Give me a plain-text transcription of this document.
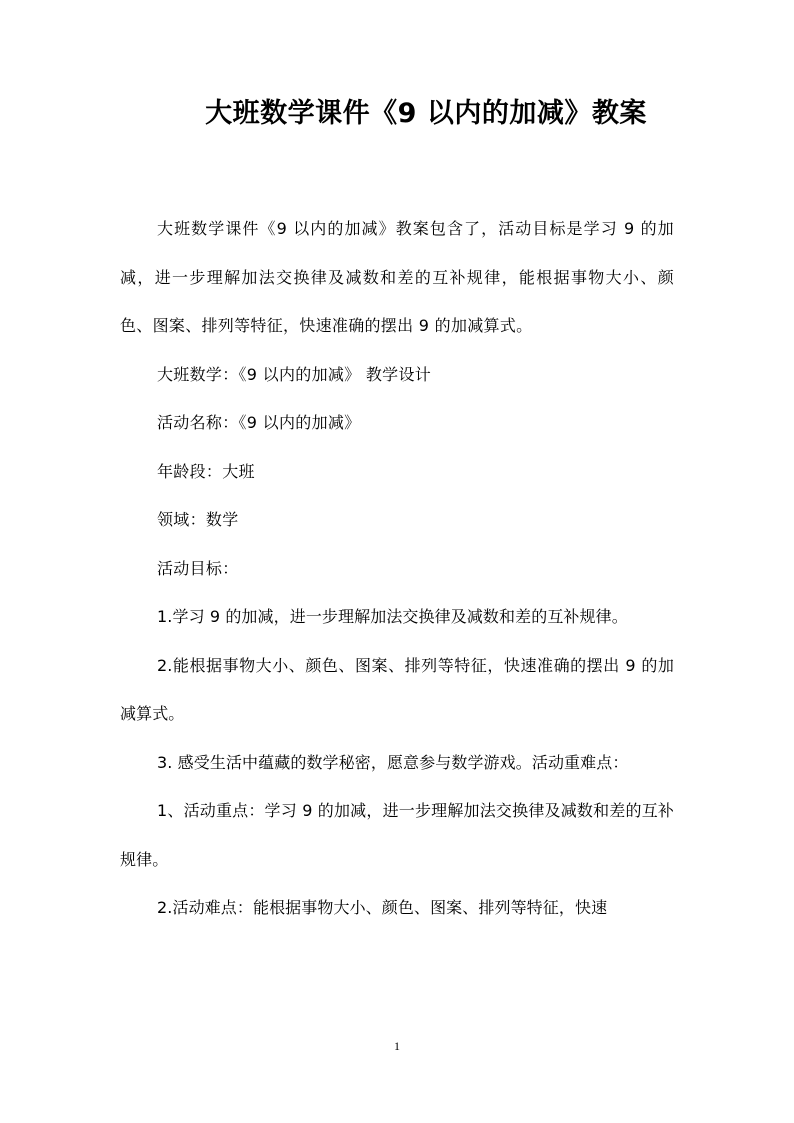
大班数学课件《9 以内的加减》教案

大班数学课件《9 以内的加减》教案包含了，活动目标是学习 9 的加减，进一步理解加法交换律及减数和差的互补规律，能根据事物大小、颜色、图案、排列等特征，快速准确的摆出 9 的加减算式。

大班数学：《9 以内的加减》 教学设计

活动名称：《9 以内的加减》

年龄段：大班

领域：数学

活动目标：

1.学习 9 的加减，进一步理解加法交换律及减数和差的互补规律。

2.能根据事物大小、颜色、图案、排列等特征，快速准确的摆出 9 的加减算式。

3. 感受生活中蕴藏的数学秘密，愿意参与数学游戏。活动重难点：

1、活动重点：学习 9 的加减，进一步理解加法交换律及减数和差的互补规律。

2.活动难点：能根据事物大小、颜色、图案、排列等特征，快速

1
